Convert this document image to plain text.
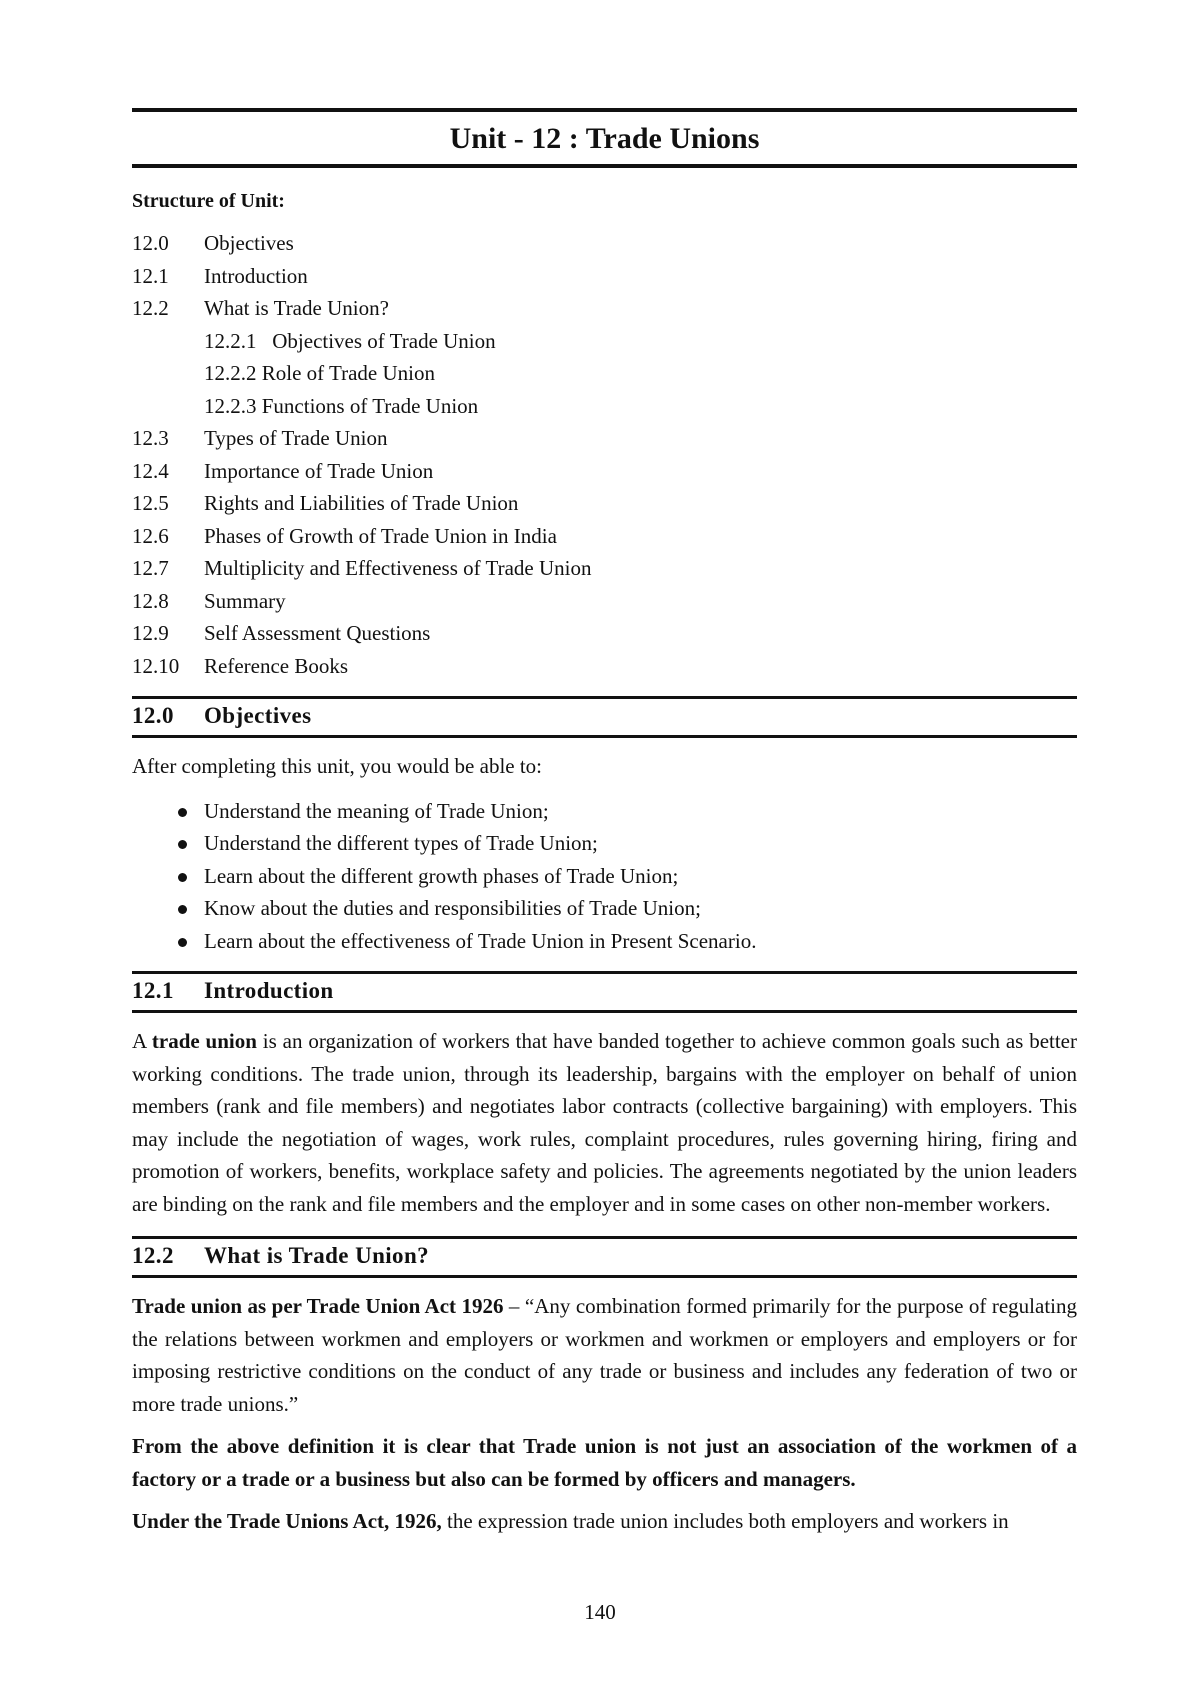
Unit - 12 : Trade Unions
Structure of Unit:
12.0	Objectives
12.1	Introduction
12.2	What is Trade Union?
12.2.1   Objectives of Trade Union
12.2.2 Role of Trade Union
12.2.3 Functions of Trade Union
12.3	Types of Trade Union
12.4	Importance of Trade Union
12.5	Rights and Liabilities of Trade Union
12.6	Phases of Growth of Trade Union in India
12.7	Multiplicity and Effectiveness of Trade Union
12.8	Summary
12.9	Self Assessment Questions
12.10	Reference Books
12.0 Objectives
After completing this unit, you would be able to:
Understand the meaning of Trade Union;
Understand the different types of Trade Union;
Learn about the different growth phases of Trade Union;
Know about the duties and responsibilities of Trade Union;
Learn about the effectiveness of Trade Union in Present Scenario.
12.1 Introduction
A trade union is an organization of workers that have banded together to achieve common goals such as better working conditions. The trade union, through its leadership, bargains with the employer on behalf of union members (rank and file members) and negotiates labor contracts (collective bargaining) with employers. This may include the negotiation of wages, work rules, complaint procedures, rules governing hiring, firing and promotion of workers, benefits, workplace safety and policies. The agreements negotiated by the union leaders are binding on the rank and file members and the employer and in some cases on other non-member workers.
12.2 What is Trade Union?
Trade union as per Trade Union Act 1926 – “Any combination formed primarily for the purpose of regulating the relations between workmen and employers or workmen and workmen or employers and employers or for imposing restrictive conditions on the conduct of any trade or business and includes any federation of two or more trade unions.”
From the above definition it is clear that Trade union is not just an association of the workmen of a factory or a trade or a business but also can be formed by officers and managers.
Under the Trade Unions Act, 1926, the expression trade union includes both employers and workers in
140
